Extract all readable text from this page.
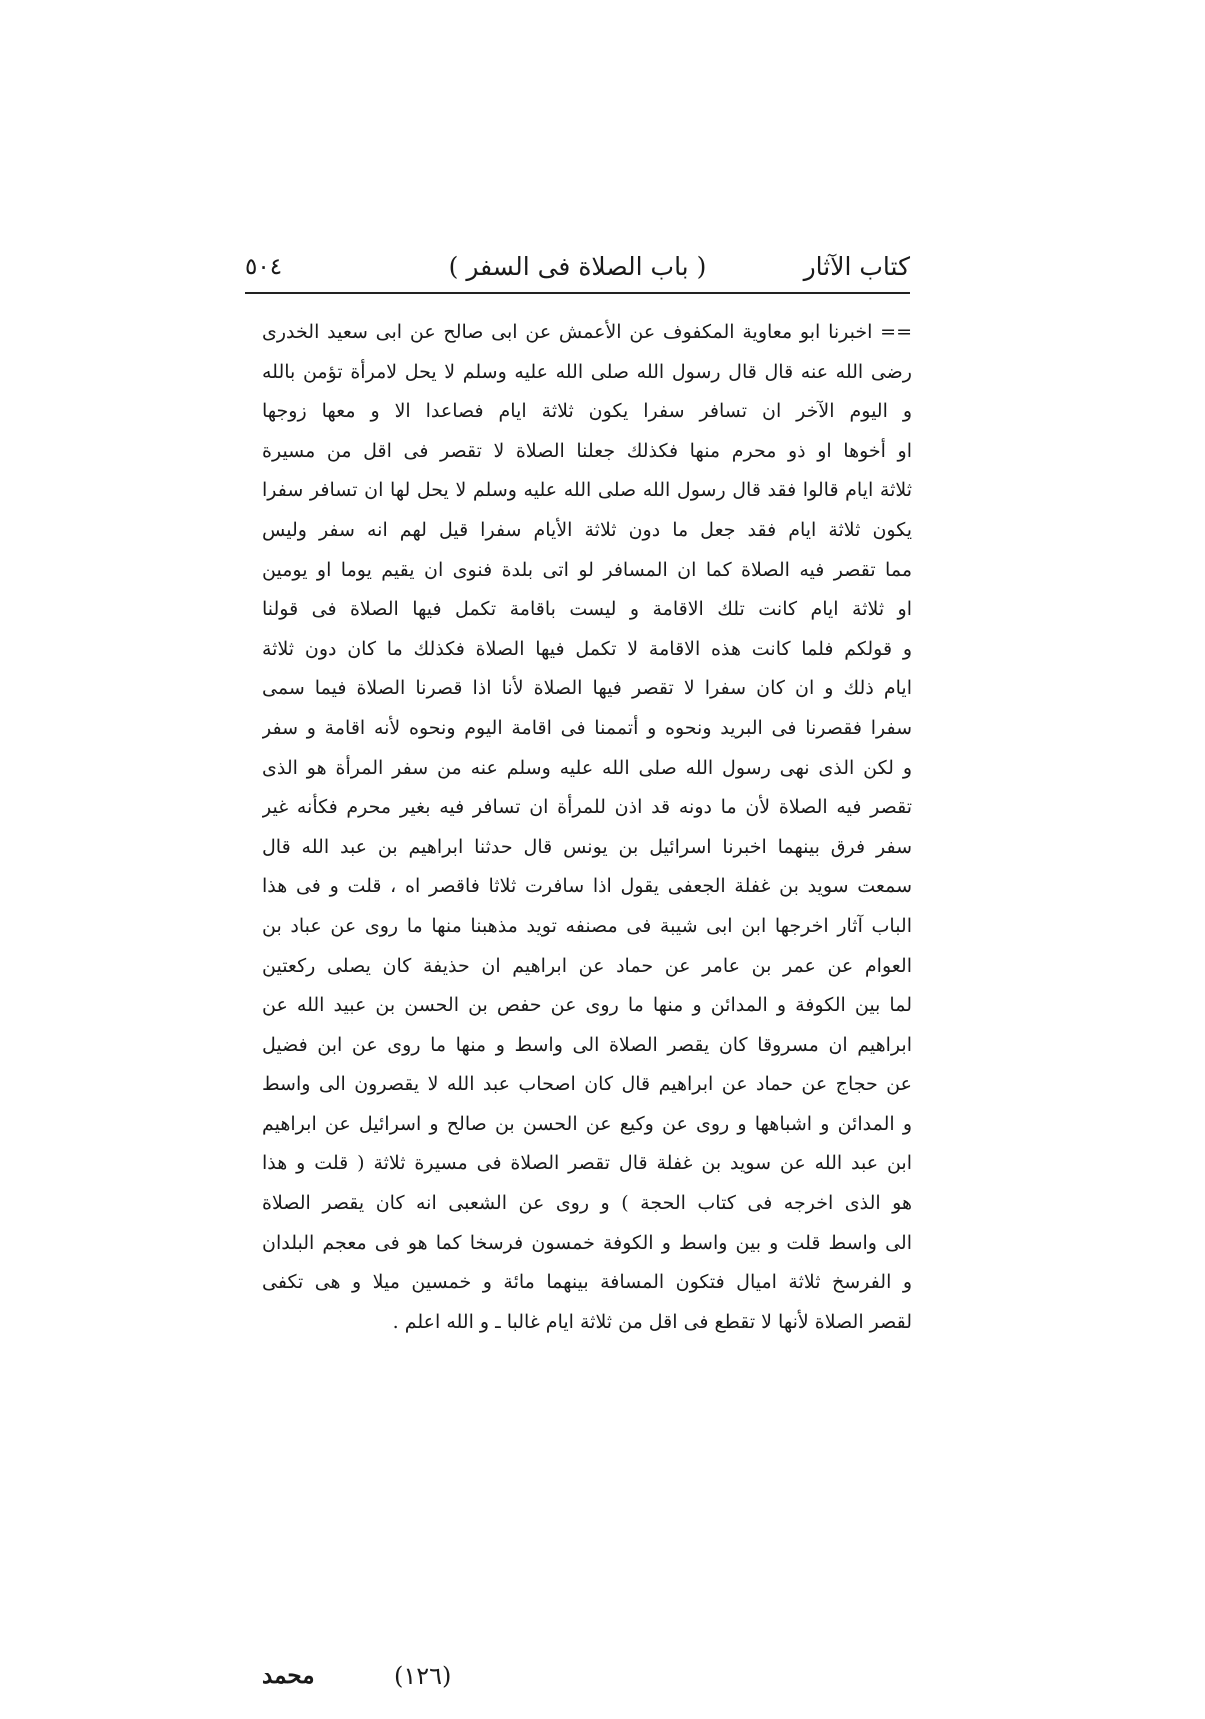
كتاب الآثار
( باب الصلاة فى السفر )
٥٠٤
== اخبرنا ابو معاوية المكفوف عن الأعمش عن ابى صالح عن ابى سعيد الخدرى
رضى الله عنه قال قال رسول الله صلى الله عليه وسلم لا يحل لامرأة تؤمن بالله
و اليوم الآخر ان تسافر سفرا يكون ثلاثة ايام فصاعدا الا و معها زوجها
او أخوها او ذو محرم منها فكذلك جعلنا الصلاة لا تقصر فى اقل من مسيرة
ثلاثة ايام قالوا فقد قال رسول الله صلى الله عليه وسلم لا يحل لها ان تسافر سفرا
يكون ثلاثة ايام فقد جعل ما دون ثلاثة الأيام سفرا قيل لهم انه سفر وليس
مما تقصر فيه الصلاة كما ان المسافر لو اتى بلدة فنوى ان يقيم يوما او يومين
او ثلاثة ايام كانت تلك الاقامة و ليست باقامة تكمل فيها الصلاة فى قولنا
و قولكم فلما كانت هذه الاقامة لا تكمل فيها الصلاة فكذلك ما كان دون ثلاثة
ايام ذلك و ان كان سفرا لا تقصر فيها الصلاة لأنا اذا قصرنا الصلاة فيما سمى
سفرا فقصرنا فى البريد ونحوه و أتممنا فى اقامة اليوم ونحوه لأنه اقامة و سفر
و لكن الذى نهى رسول الله صلى الله عليه وسلم عنه من سفر المرأة هو الذى
تقصر فيه الصلاة لأن ما دونه قد اذن للمرأة ان تسافر فيه بغير محرم فكأنه غير
سفر فرق بينهما اخبرنا اسرائيل بن يونس قال حدثنا ابراهيم بن عبد الله قال
سمعت سويد بن غفلة الجعفى يقول اذا سافرت ثلاثا فاقصر اه ، قلت و فى هذا
الباب آثار اخرجها ابن ابى شيبة فى مصنفه تويد مذهبنا منها ما روى عن عباد بن
العوام عن عمر بن عامر عن حماد عن ابراهيم ان حذيفة كان يصلى ركعتين
لما بين الكوفة و المدائن و منها ما روى عن حفص بن الحسن بن عبيد الله عن
ابراهيم ان مسروقا كان يقصر الصلاة الى واسط و منها ما روى عن ابن فضيل
عن حجاج عن حماد عن ابراهيم قال كان اصحاب عبد الله لا يقصرون الى واسط
و المدائن و اشباهها و روى عن وكيع عن الحسن بن صالح و اسرائيل عن ابراهيم
ابن عبد الله عن سويد بن غفلة قال تقصر الصلاة فى مسيرة ثلاثة ( قلت و هذا
هو الذى اخرجه فى كتاب الحجة ) و روى عن الشعبى انه كان يقصر الصلاة
الى واسط قلت و بين واسط و الكوفة خمسون فرسخا كما هو فى معجم البلدان
و الفرسخ ثلاثة اميال فتكون المسافة بينهما مائة و خمسين ميلا و هى تكفى
لقصر الصلاة لأنها لا تقطع فى اقل من ثلاثة ايام غالبا ـ و الله اعلم .
محمد	(١٢٦)
